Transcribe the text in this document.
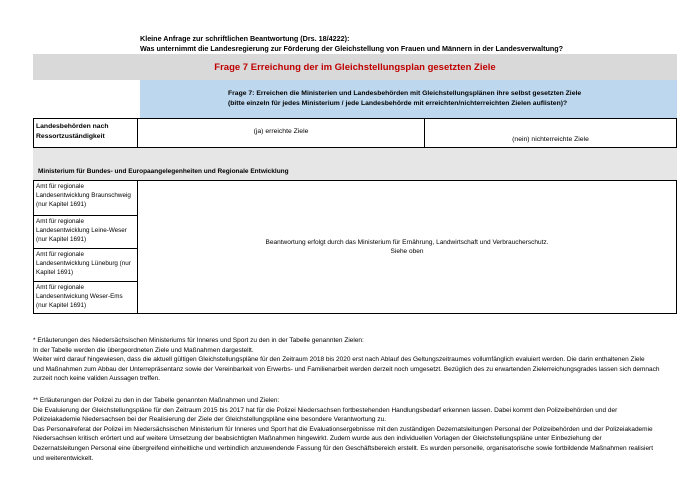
Kleine Anfrage zur schriftlichen Beantwortung (Drs. 18/4222):
Was unternimmt die Landesregierung zur Förderung der Gleichstellung von Frauen und Männern in der Landesverwaltung?
Frage 7 Erreichung der im Gleichstellungsplan gesetzten Ziele
Frage 7: Erreichen die Ministerien und Landesbehörden mit Gleichstellungsplänen ihre selbst gesetzten Ziele
(bitte einzeln für jedes Ministerium / jede Landesbehörde mit erreichten/nichterreichten Zielen auflisten)?
Landesbehörden nach
Ressortzuständigkeit
(ja) erreichte Ziele
(nein) nichterreichte Ziele
Ministerium für Bundes- und Europaangelegenheiten und Regionale Entwicklung
Amt für regionale
Landesentwicklung Braunschweig
(nur Kapitel 1691)
Amt für regionale
Landesentwicklung Leine-Weser
(nur Kapitel 1691)
Amt für regionale
Landesentwicklung Lüneburg (nur
Kapitel 1691)
Amt für regionale
Landesentwickung Weser-Ems
(nur Kapitel 1691)
Beantwortung erfolgt durch das Ministerium für Ernährung, Landwirtschaft und Verbraucherschutz.
Siehe oben

* Erläuterungen des Niedersächsischen Ministeriums für Inneres und Sport zu den in der Tabelle genannten Zielen:

In der Tabelle werden die übergeordneten Ziele und Maßnahmen dargestellt.

Weiter wird darauf hingewiesen, dass die aktuell gültigen Gleichstellungspläne für den Zeitraum 2018 bis 2020 erst nach Ablauf des Geltungszeitraumes vollumfänglich evaluiert werden. Die darin enthaltenen Ziele

und Maßnahmen zum Abbau der Unterrepräsentanz sowie der Vereinbarkeit von Erwerbs- und Familienarbeit werden derzeit noch umgesetzt. Bezüglich des zu erwartenden Zielerreichungsgrades lassen sich demnach

zurzeit noch keine validen Aussagen treffen.

** Erläuterungen der Polizei zu den in der Tabelle genannten Maßnahmen und Zielen:

Die Evaluierung der Gleichstellungspläne für den Zeitraum 2015 bis 2017 hat für die Polizei Niedersachsen fortbestehenden Handlungsbedarf erkennen lassen. Dabei kommt den Polizeibehörden und der

Polizeiakademie Niedersachsen bei der Realisierung der Ziele der Gleichstellungspläne eine besondere Verantwortung zu.

Das Personalreferat der Polizei im Niedersächsischen Ministerium für Inneres und Sport hat die Evaluationsergebnisse mit den zuständigen Dezernatsleitungen Personal der Polizeibehörden und der Polizeiakademie

Niedersachsen kritisch erörtert und auf weitere Umsetzung der beabsichtigten Maßnahmen hingewirkt. Zudem wurde aus den individuellen Vorlagen der Gleichstellungspläne unter Einbeziehung der

Dezernatsleitungen Personal eine übergreifend einheitliche und verbindlich anzuwendende Fassung für den Geschäftsbereich erstellt. Es wurden personelle, organisatorische sowie fortbildende Maßnahmen realisiert

und weiterentwickelt.
